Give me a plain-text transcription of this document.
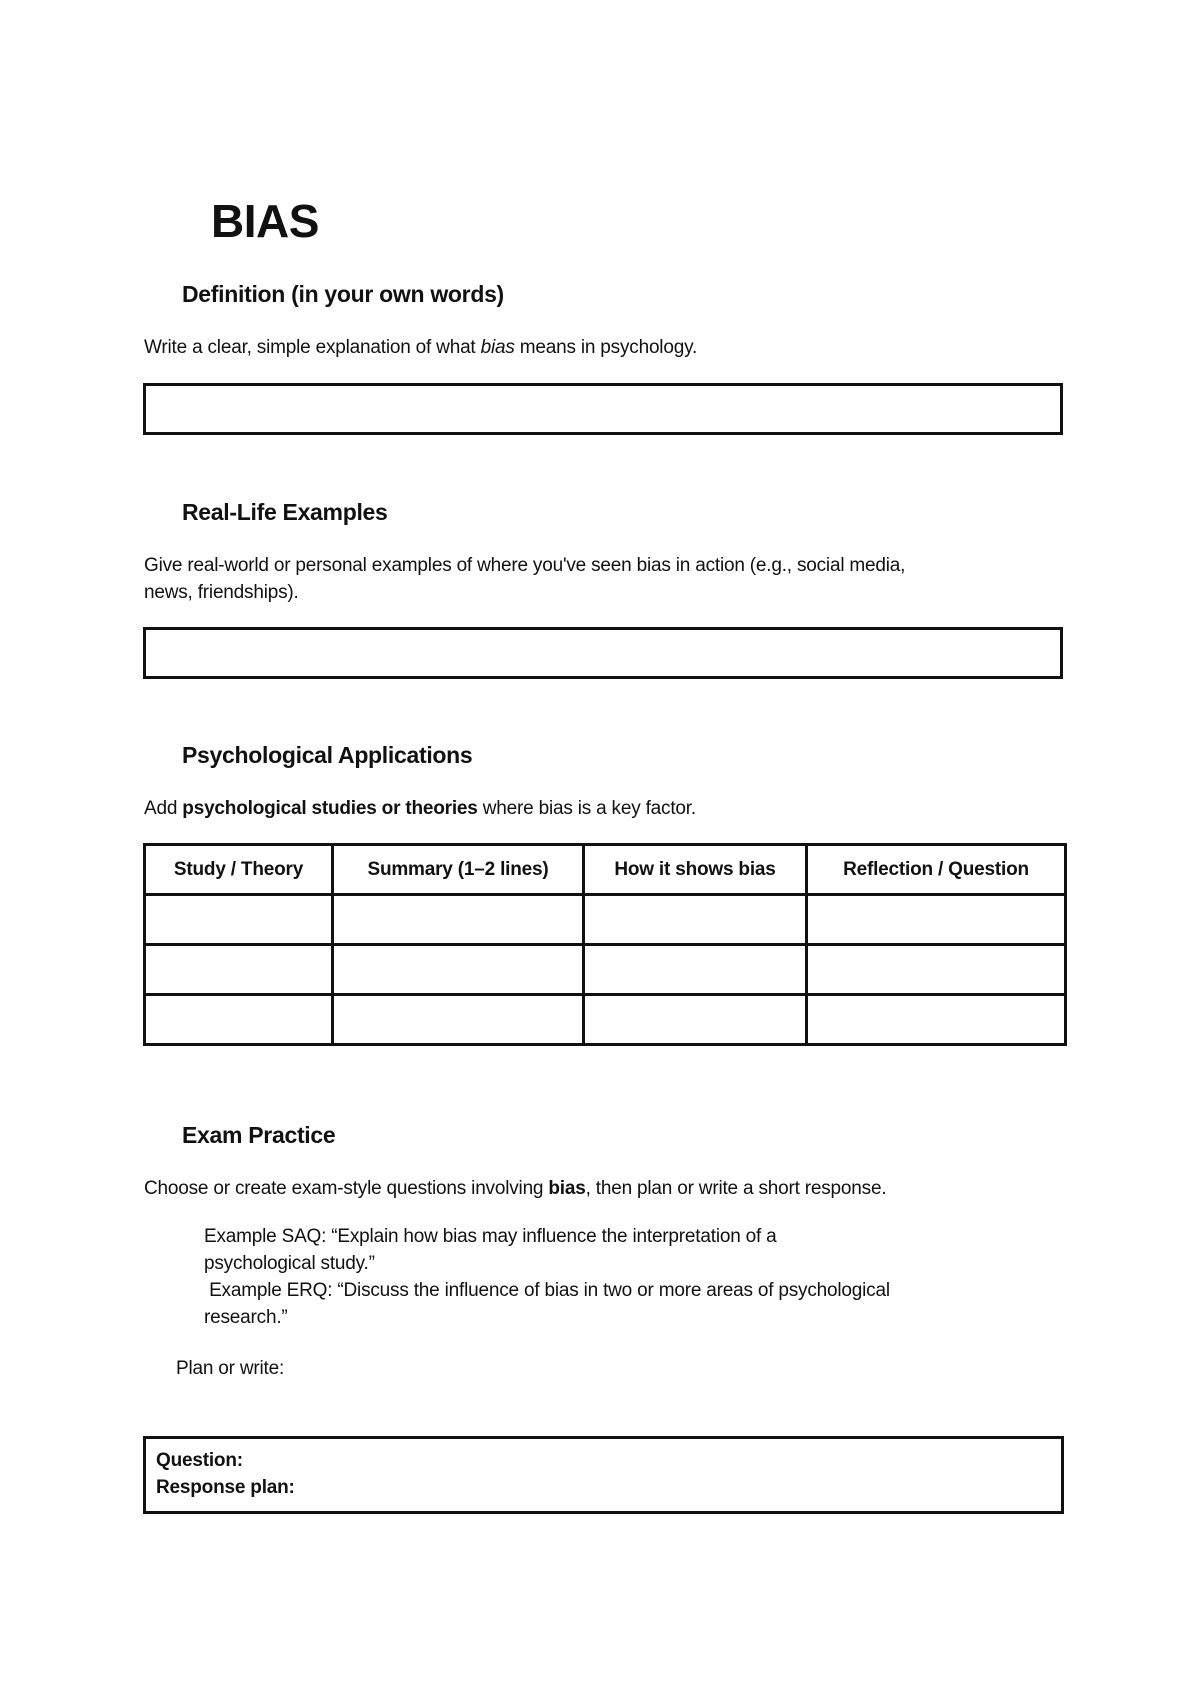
BIAS
Definition (in your own words)

Write a clear, simple explanation of what bias means in psychology.

Real-Life Examples
Give real-world or personal examples of where you've seen bias in action (e.g., social media,
news, friendships).
Psychological Applications

Add psychological studies or theories where bias is a key factor.

Study / Theory	Summary (1–2 lines)	How it shows bias	Reflection / Question

Exam Practice

Choose or create exam-style questions involving bias, then plan or write a short response.

Example SAQ: “Explain how bias may influence the interpretation of a
psychological study.”
Example ERQ: “Discuss the influence of bias in two or more areas of psychological
research.”

Plan or write:

Question:
Response plan:
